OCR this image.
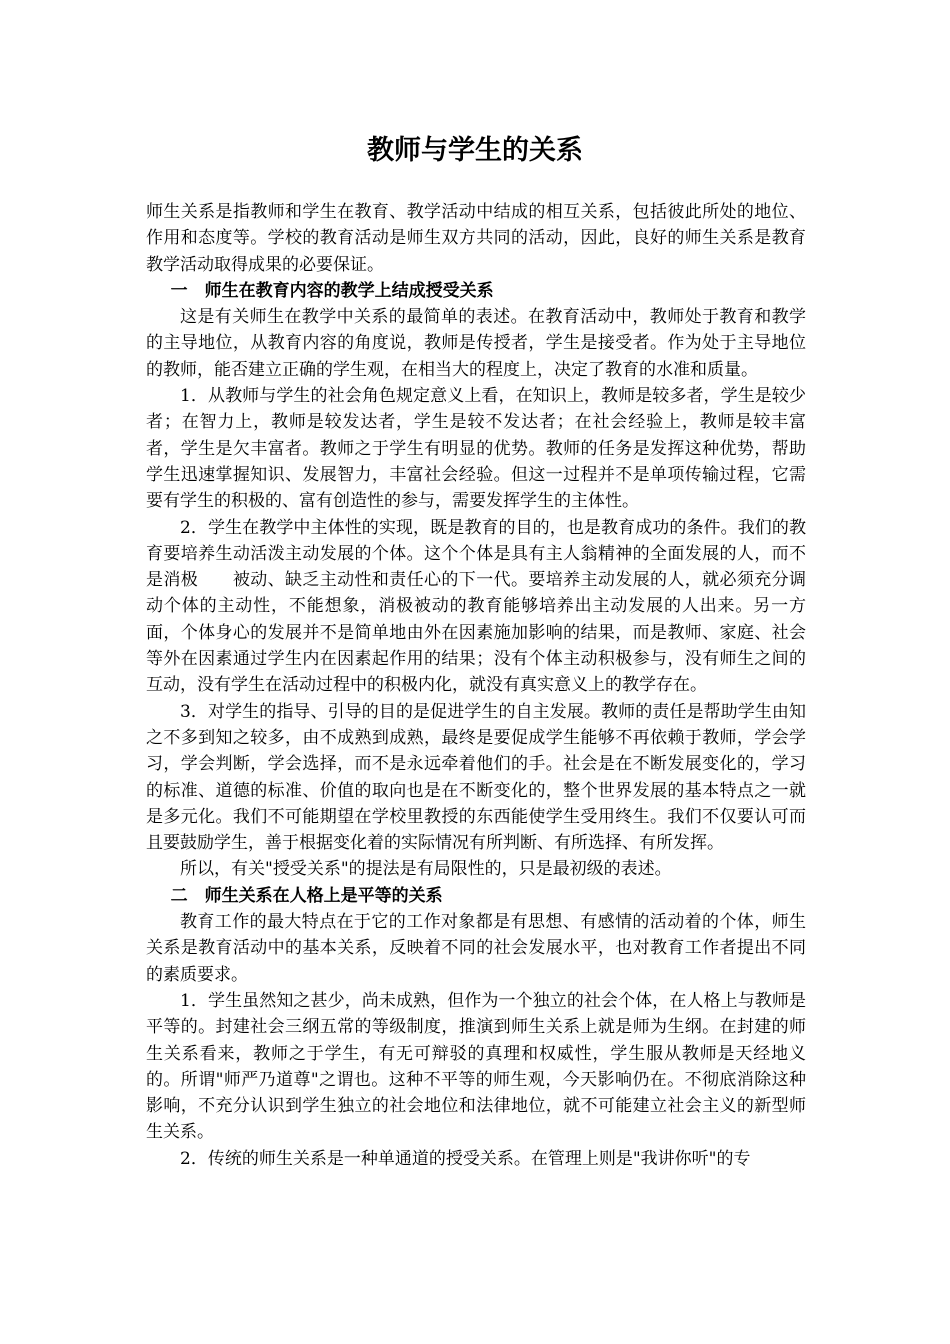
教师与学生的关系

师生关系是指教师和学生在教育、教学活动中结成的相互关系，包括彼此所处的地位、作用和态度等。学校的教育活动是师生双方共同的活动，因此，良好的师生关系是教育教学活动取得成果的必要保证。

一　师生在教育内容的教学上结成授受关系

这是有关师生在教学中关系的最简单的表述。在教育活动中，教师处于教育和教学的主导地位，从教育内容的角度说，教师是传授者，学生是接受者。作为处于主导地位的教师，能否建立正确的学生观，在相当大的程度上，决定了教育的水准和质量。

1．从教师与学生的社会角色规定意义上看，在知识上，教师是较多者，学生是较少者；在智力上，教师是较发达者，学生是较不发达者；在社会经验上，教师是较丰富者，学生是欠丰富者。教师之于学生有明显的优势。教师的任务是发挥这种优势，帮助学生迅速掌握知识、发展智力，丰富社会经验。但这一过程并不是单项传输过程，它需要有学生的积极的、富有创造性的参与，需要发挥学生的主体性。

2．学生在教学中主体性的实现，既是教育的目的，也是教育成功的条件。我们的教育要培养生动活泼主动发展的个体。这个个体是具有主人翁精神的全面发展的人，而不是消极　　被动、缺乏主动性和责任心的下一代。要培养主动发展的人，就必须充分调动个体的主动性，不能想象，消极被动的教育能够培养出主动发展的人出来。另一方面，个体身心的发展并不是简单地由外在因素施加影响的结果，而是教师、家庭、社会等外在因素通过学生内在因素起作用的结果；没有个体主动积极参与，没有师生之间的互动，没有学生在活动过程中的积极内化，就没有真实意义上的教学存在。

3．对学生的指导、引导的目的是促进学生的自主发展。教师的责任是帮助学生由知之不多到知之较多，由不成熟到成熟，最终是要促成学生能够不再依赖于教师，学会学习，学会判断，学会选择，而不是永远牵着他们的手。社会是在不断发展变化的，学习的标准、道德的标准、价值的取向也是在不断变化的，整个世界发展的基本特点之一就是多元化。我们不可能期望在学校里教授的东西能使学生受用终生。我们不仅要认可而且要鼓励学生，善于根据变化着的实际情况有所判断、有所选择、有所发挥。

所以，有关"授受关系"的提法是有局限性的，只是最初级的表述。

二　师生关系在人格上是平等的关系

教育工作的最大特点在于它的工作对象都是有思想、有感情的活动着的个体，师生关系是教育活动中的基本关系，反映着不同的社会发展水平，也对教育工作者提出不同的素质要求。

1．学生虽然知之甚少，尚未成熟，但作为一个独立的社会个体，在人格上与教师是平等的。封建社会三纲五常的等级制度，推演到师生关系上就是师为生纲。在封建的师生关系看来，教师之于学生，有无可辩驳的真理和权威性，学生服从教师是天经地义的。所谓"师严乃道尊"之谓也。这种不平等的师生观，今天影响仍在。不彻底消除这种影响，不充分认识到学生独立的社会地位和法律地位，就不可能建立社会主义的新型师生关系。

2．传统的师生关系是一种单通道的授受关系。在管理上则是"我讲你听"的专
